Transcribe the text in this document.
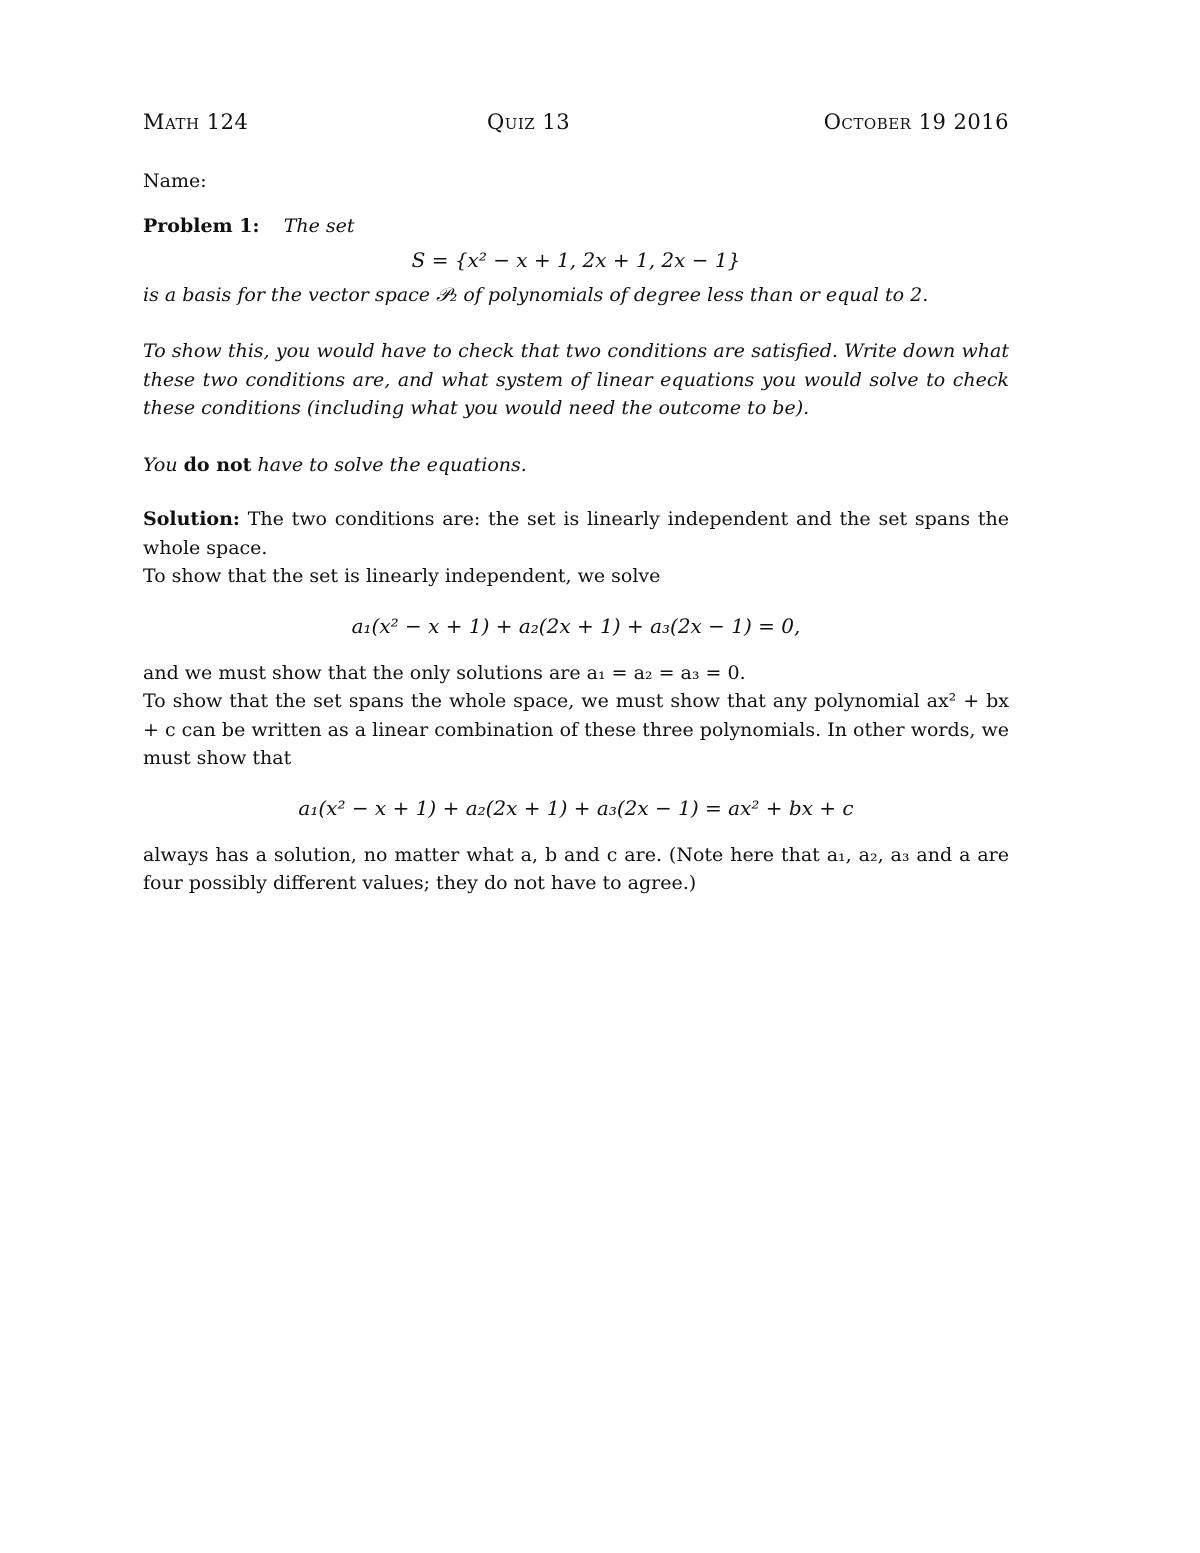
Math 124	Quiz 13	October 19 2016
Name:

Problem 1: The set

S = {x² − x + 1, 2x + 1, 2x − 1}

is a basis for the vector space 𝒫₂ of polynomials of degree less than or equal to 2.

To show this, you would have to check that two conditions are satisfied. Write down what these two conditions are, and what system of linear equations you would solve to check these conditions (including what you would need the outcome to be).

You do not have to solve the equations.

Solution: The two conditions are: the set is linearly independent and the set spans the whole space.

To show that the set is linearly independent, we solve

a₁(x² − x + 1) + a₂(2x + 1) + a₃(2x − 1) = 0,

and we must show that the only solutions are a₁ = a₂ = a₃ = 0.

To show that the set spans the whole space, we must show that any polynomial ax² + bx + c can be written as a linear combination of these three polynomials. In other words, we must show that

a₁(x² − x + 1) + a₂(2x + 1) + a₃(2x − 1) = ax² + bx + c

always has a solution, no matter what a, b and c are. (Note here that a₁, a₂, a₃ and a are four possibly different values; they do not have to agree.)
